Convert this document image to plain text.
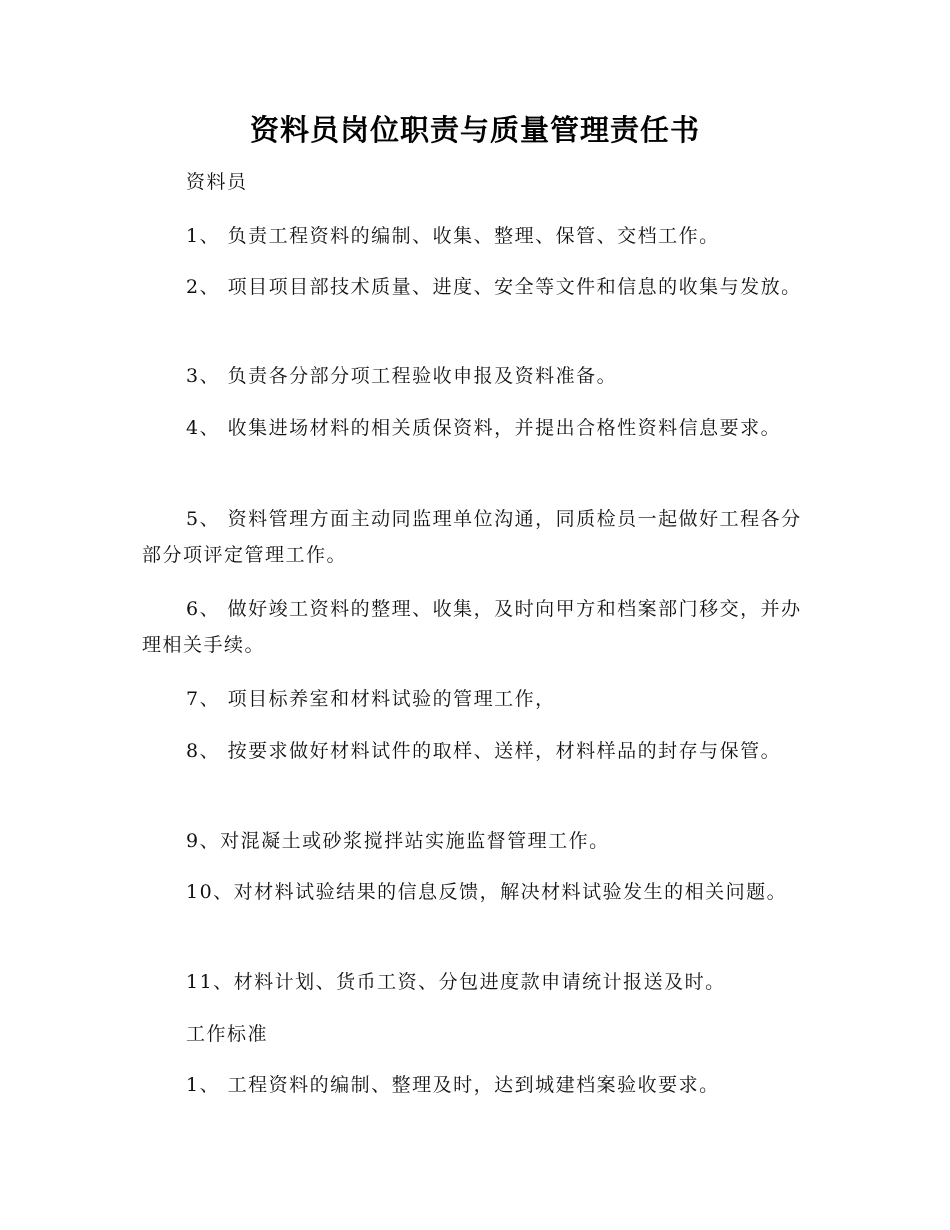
资料员岗位职责与质量管理责任书

资料员

1、 负责工程资料的编制、收集、整理、保管、交档工作。

2、 项目项目部技术质量、进度、安全等文件和信息的收集与发放。

3、 负责各分部分项工程验收申报及资料准备。

4、 收集进场材料的相关质保资料，并提出合格性资料信息要求。

5、 资料管理方面主动同监理单位沟通，同质检员一起做好工程各分部分项评定管理工作。

6、 做好竣工资料的整理、收集，及时向甲方和档案部门移交，并办理相关手续。

7、 项目标养室和材料试验的管理工作，

8、 按要求做好材料试件的取样、送样，材料样品的封存与保管。

9、对混凝土或砂浆搅拌站实施监督管理工作。

10、对材料试验结果的信息反馈，解决材料试验发生的相关问题。

11、材料计划、货币工资、分包进度款申请统计报送及时。

工作标准

1、 工程资料的编制、整理及时，达到城建档案验收要求。
